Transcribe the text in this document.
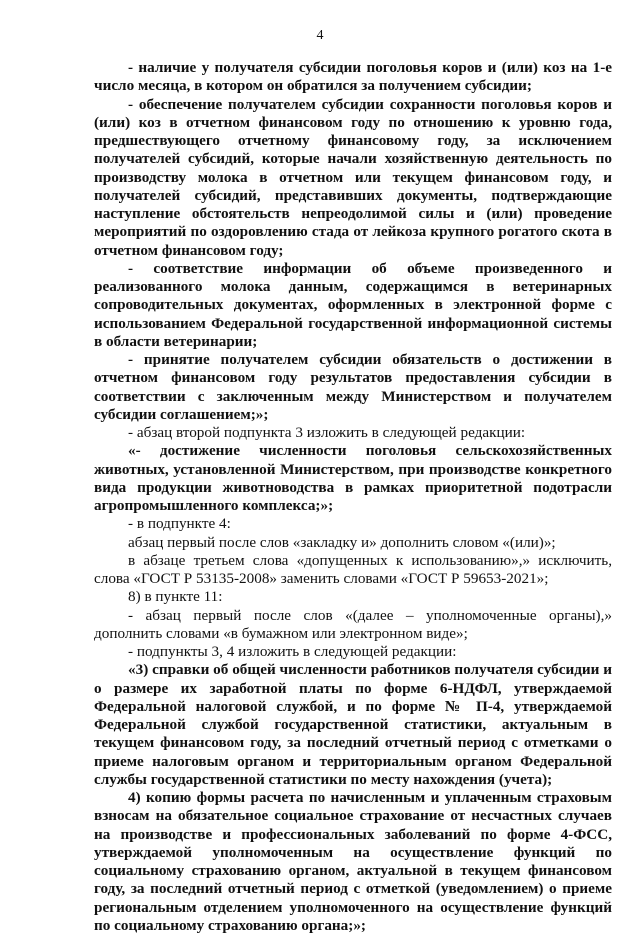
4

- наличие у получателя субсидии поголовья коров и (или) коз на 1-е число месяца, в котором он обратился за получением субсидии;

- обеспечение получателем субсидии сохранности поголовья коров и (или) коз в отчетном финансовом году по отношению к уровню года, предшествующего отчетному финансовому году, за исключением получателей субсидий, которые начали хозяйственную деятельность по производству молока в отчетном или текущем финансовом году, и получателей субсидий, представивших документы, подтверждающие наступление обстоятельств непреодолимой силы и (или) проведение мероприятий по оздоровлению стада от лейкоза крупного рогатого скота в отчетном финансовом году;

- соответствие информации об объеме произведенного и реализованного молока данным, содержащимся в ветеринарных сопроводительных документах, оформленных в электронной форме с использованием Федеральной государственной информационной системы в области ветеринарии;

- принятие получателем субсидии обязательств о достижении в отчетном финансовом году результатов предоставления субсидии в соответствии с заключенным между Министерством и получателем субсидии соглашением;»;

- абзац второй подпункта 3 изложить в следующей редакции:

«- достижение численности поголовья сельскохозяйственных животных, установленной Министерством, при производстве конкретного вида продукции животноводства в рамках приоритетной подотрасли агропромышленного комплекса;»;

- в подпункте 4:

абзац первый после слов «закладку и» дополнить словом «(или)»;

в абзаце третьем слова «допущенных к использованию»,» исключить, слова «ГОСТ Р 53135-2008» заменить словами «ГОСТ Р 59653-2021»;

8) в пункте 11:

- абзац первый после слов «(далее – уполномоченные органы),» дополнить словами «в бумажном или электронном виде»;

- подпункты 3, 4 изложить в следующей редакции:

«3) справки об общей численности работников получателя субсидии и о размере их заработной платы по форме 6-НДФЛ, утверждаемой Федеральной налоговой службой, и по форме № П-4, утверждаемой Федеральной службой государственной статистики, актуальным в текущем финансовом году, за последний отчетный период с отметками о приеме налоговым органом и территориальным органом Федеральной службы государственной статистики по месту нахождения (учета);

4) копию формы расчета по начисленным и уплаченным страховым взносам на обязательное социальное страхование от несчастных случаев на производстве и профессиональных заболеваний по форме 4-ФСС, утверждаемой уполномоченным на осуществление функций по социальному страхованию органом, актуальной в текущем финансовом году, за последний отчетный период с отметкой (уведомлением) о приеме региональным отделением уполномоченного на осуществление функций по социальному страхованию органа;»;
